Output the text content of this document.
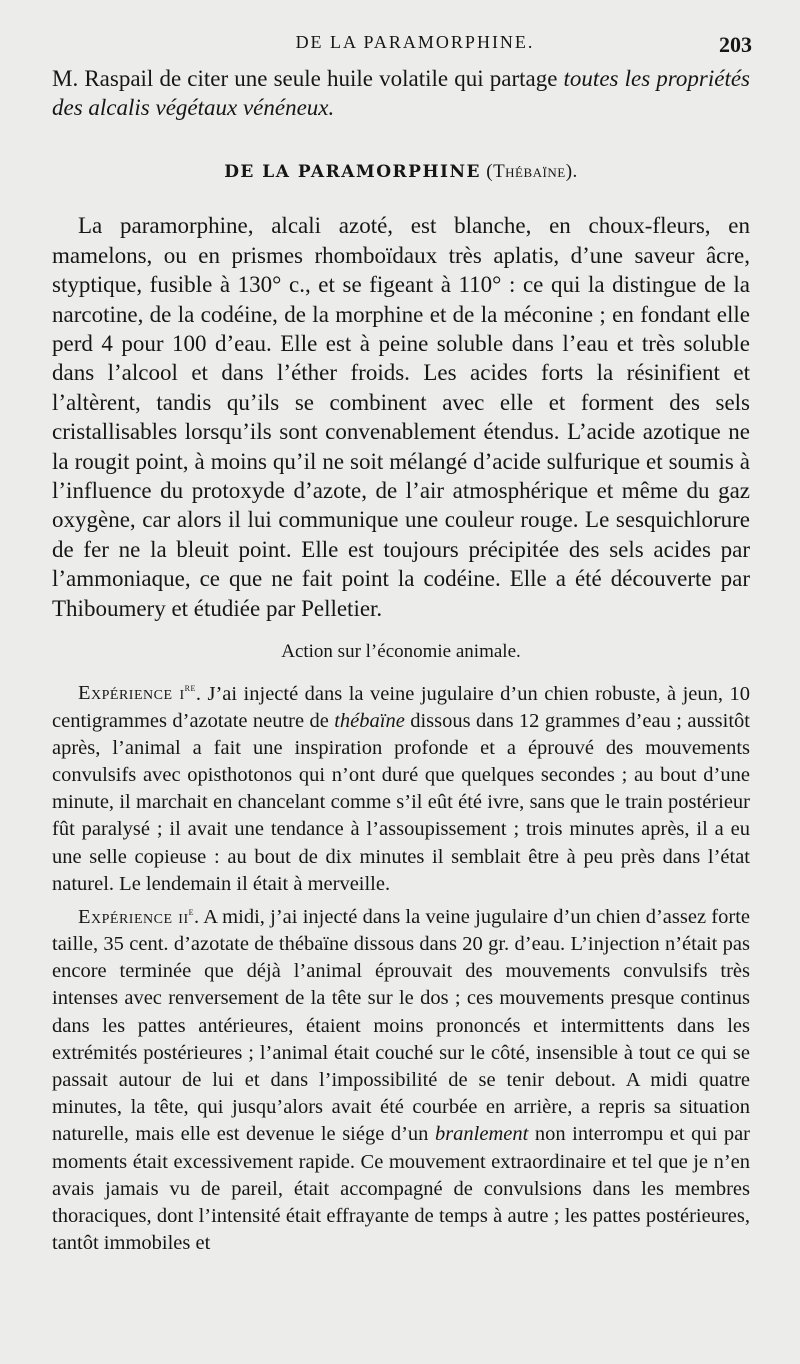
DE LA PARAMORPHINE.	203

M. Raspail de citer une seule huile volatile qui partage toutes les propriétés des alcalis végétaux vénéneux.

DE LA PARAMORPHINE (Thébaïne).

La paramorphine, alcali azoté, est blanche, en choux-fleurs, en mamelons, ou en prismes rhomboïdaux très aplatis, d’une saveur âcre, styptique, fusible à 130° c., et se figeant à 110° : ce qui la distingue de la narcotine, de la codéine, de la morphine et de la méconine ; en fondant elle perd 4 pour 100 d’eau. Elle est à peine soluble dans l’eau et très soluble dans l’alcool et dans l’éther froids. Les acides forts la résinifient et l’altèrent, tandis qu’ils se combinent avec elle et forment des sels cristallisables lorsqu’ils sont convenablement étendus. L’acide azotique ne la rougit point, à moins qu’il ne soit mélangé d’acide sulfurique et soumis à l’influence du protoxyde d’azote, de l’air atmosphérique et même du gaz oxygène, car alors il lui communique une couleur rouge. Le sesquichlorure de fer ne la bleuit point. Elle est toujours précipitée des sels acides par l’ammoniaque, ce que ne fait point la codéine. Elle a été découverte par Thiboumery et étudiée par Pelletier.

Action sur l’économie animale.

Expérience $i^{re}$. J’ai injecté dans la veine jugulaire d’un chien robuste, à jeun, 10 centigrammes d’azotate neutre de thébaïne dissous dans 12 grammes d’eau ; aussitôt après, l’animal a fait une inspiration profonde et a éprouvé des mouvements convulsifs avec opisthotonos qui n’ont duré que quelques secondes ; au bout d’une minute, il marchait en chancelant comme s’il eût été ivre, sans que le train postérieur fût paralysé ; il avait une tendance à l’assoupissement ; trois minutes après, il a eu une selle copieuse : au bout de dix minutes il semblait être à peu près dans l’état naturel. Le lendemain il était à merveille.

Expérience $ii^e$. A midi, j’ai injecté dans la veine jugulaire d’un chien d’assez forte taille, 35 cent. d’azotate de thébaïne dissous dans 20 gr. d’eau. L’injection n’était pas encore terminée que déjà l’animal éprouvait des mouvements convulsifs très intenses avec renversement de la tête sur le dos ; ces mouvements presque continus dans les pattes antérieures, étaient moins prononcés et intermittents dans les extrémités postérieures ; l’animal était couché sur le côté, insensible à tout ce qui se passait autour de lui et dans l’impossibilité de se tenir debout. A midi quatre minutes, la tête, qui jusqu’alors avait été courbée en arrière, a repris sa situation naturelle, mais elle est devenue le siége d’un branlement non interrompu et qui par moments était excessivement rapide. Ce mouvement extraordinaire et tel que je n’en avais jamais vu de pareil, était accompagné de convulsions dans les membres thoraciques, dont l’intensité était effrayante de temps à autre ; les pattes postérieures, tantôt immobiles et
